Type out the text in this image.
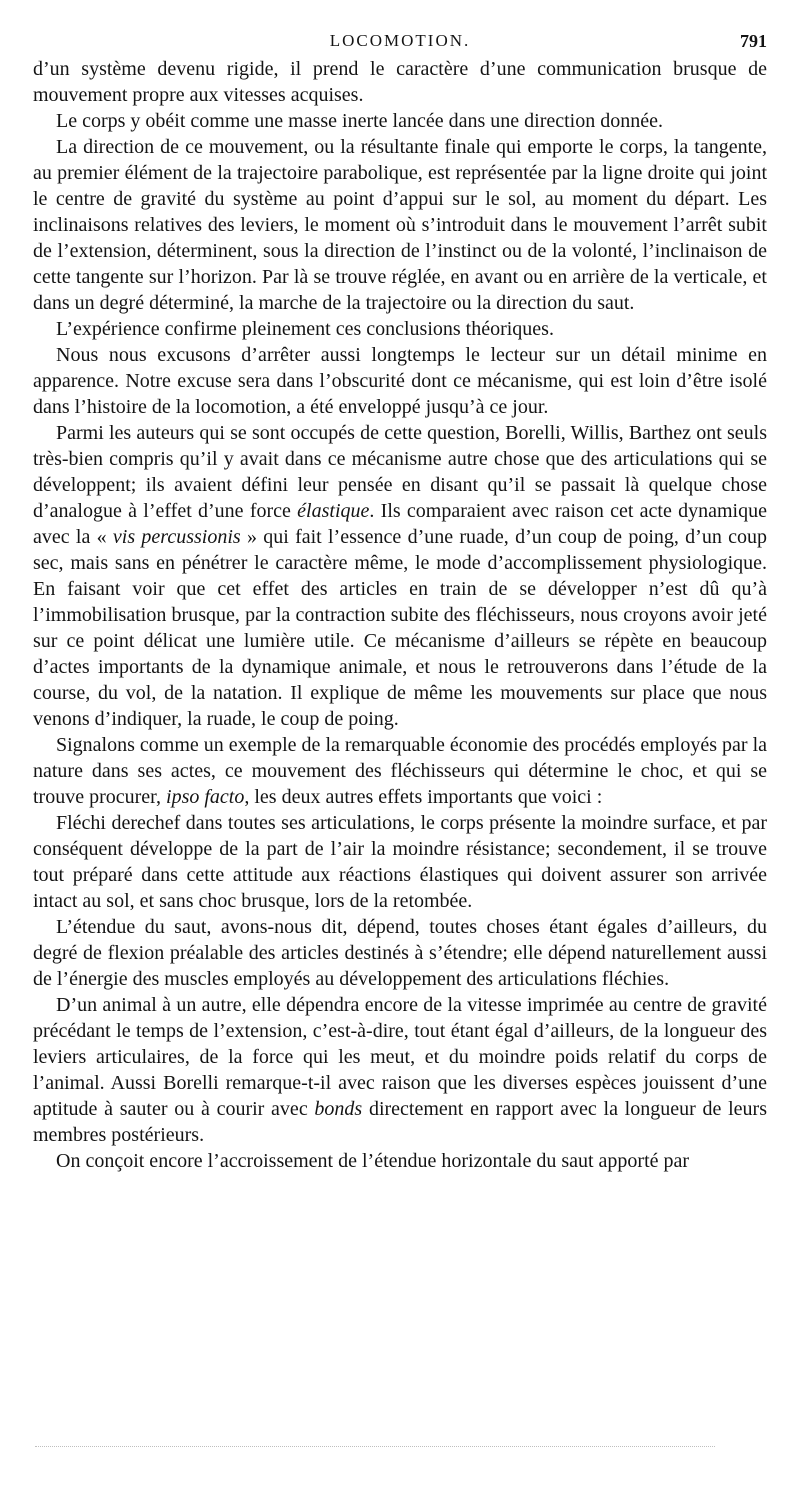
LOCOMOTION.	791

d’un système devenu rigide, il prend le caractère d’une communication brusque de mouvement propre aux vitesses acquises.

Le corps y obéit comme une masse inerte lancée dans une direction donnée.

La direction de ce mouvement, ou la résultante finale qui emporte le corps, la tangente, au premier élément de la trajectoire parabolique, est représentée par la ligne droite qui joint le centre de gravité du système au point d’appui sur le sol, au moment du départ. Les inclinaisons relatives des leviers, le moment où s’introduit dans le mouvement l’arrêt subit de l’extension, déterminent, sous la direction de l’instinct ou de la volonté, l’inclinaison de cette tangente sur l’horizon. Par là se trouve réglée, en avant ou en arrière de la verticale, et dans un degré déterminé, la marche de la trajectoire ou la direction du saut.

L’expérience confirme pleinement ces conclusions théoriques.

Nous nous excusons d’arrêter aussi longtemps le lecteur sur un détail minime en apparence. Notre excuse sera dans l’obscurité dont ce mécanisme, qui est loin d’être isolé dans l’histoire de la locomotion, a été enveloppé jusqu’à ce jour.

Parmi les auteurs qui se sont occupés de cette question, Borelli, Willis, Barthez ont seuls très-bien compris qu’il y avait dans ce mécanisme autre chose que des articulations qui se développent; ils avaient défini leur pensée en disant qu’il se passait là quelque chose d’analogue à l’effet d’une force élastique. Ils comparaient avec raison cet acte dynamique avec la « vis percussionis » qui fait l’essence d’une ruade, d’un coup de poing, d’un coup sec, mais sans en pénétrer le caractère même, le mode d’accomplissement physiologique. En faisant voir que cet effet des articles en train de se développer n’est dû qu’à l’immobilisation brusque, par la contraction subite des fléchisseurs, nous croyons avoir jeté sur ce point délicat une lumière utile. Ce mécanisme d’ailleurs se répète en beaucoup d’actes importants de la dynamique animale, et nous le retrouverons dans l’étude de la course, du vol, de la natation. Il explique de même les mouvements sur place que nous venons d’indiquer, la ruade, le coup de poing.

Signalons comme un exemple de la remarquable économie des procédés employés par la nature dans ses actes, ce mouvement des fléchisseurs qui détermine le choc, et qui se trouve procurer, ipso facto, les deux autres effets importants que voici :

Fléchi derechef dans toutes ses articulations, le corps présente la moindre surface, et par conséquent développe de la part de l’air la moindre résistance; secondement, il se trouve tout préparé dans cette attitude aux réactions élastiques qui doivent assurer son arrivée intact au sol, et sans choc brusque, lors de la retombée.

L’étendue du saut, avons-nous dit, dépend, toutes choses étant égales d’ailleurs, du degré de flexion préalable des articles destinés à s’étendre; elle dépend naturellement aussi de l’énergie des muscles employés au développement des articulations fléchies.

D’un animal à un autre, elle dépendra encore de la vitesse imprimée au centre de gravité précédant le temps de l’extension, c’est-à-dire, tout étant égal d’ailleurs, de la longueur des leviers articulaires, de la force qui les meut, et du moindre poids relatif du corps de l’animal. Aussi Borelli remarque-t-il avec raison que les diverses espèces jouissent d’une aptitude à sauter ou à courir avec bonds directement en rapport avec la longueur de leurs membres postérieurs.

On conçoit encore l’accroissement de l’étendue horizontale du saut apporté par
